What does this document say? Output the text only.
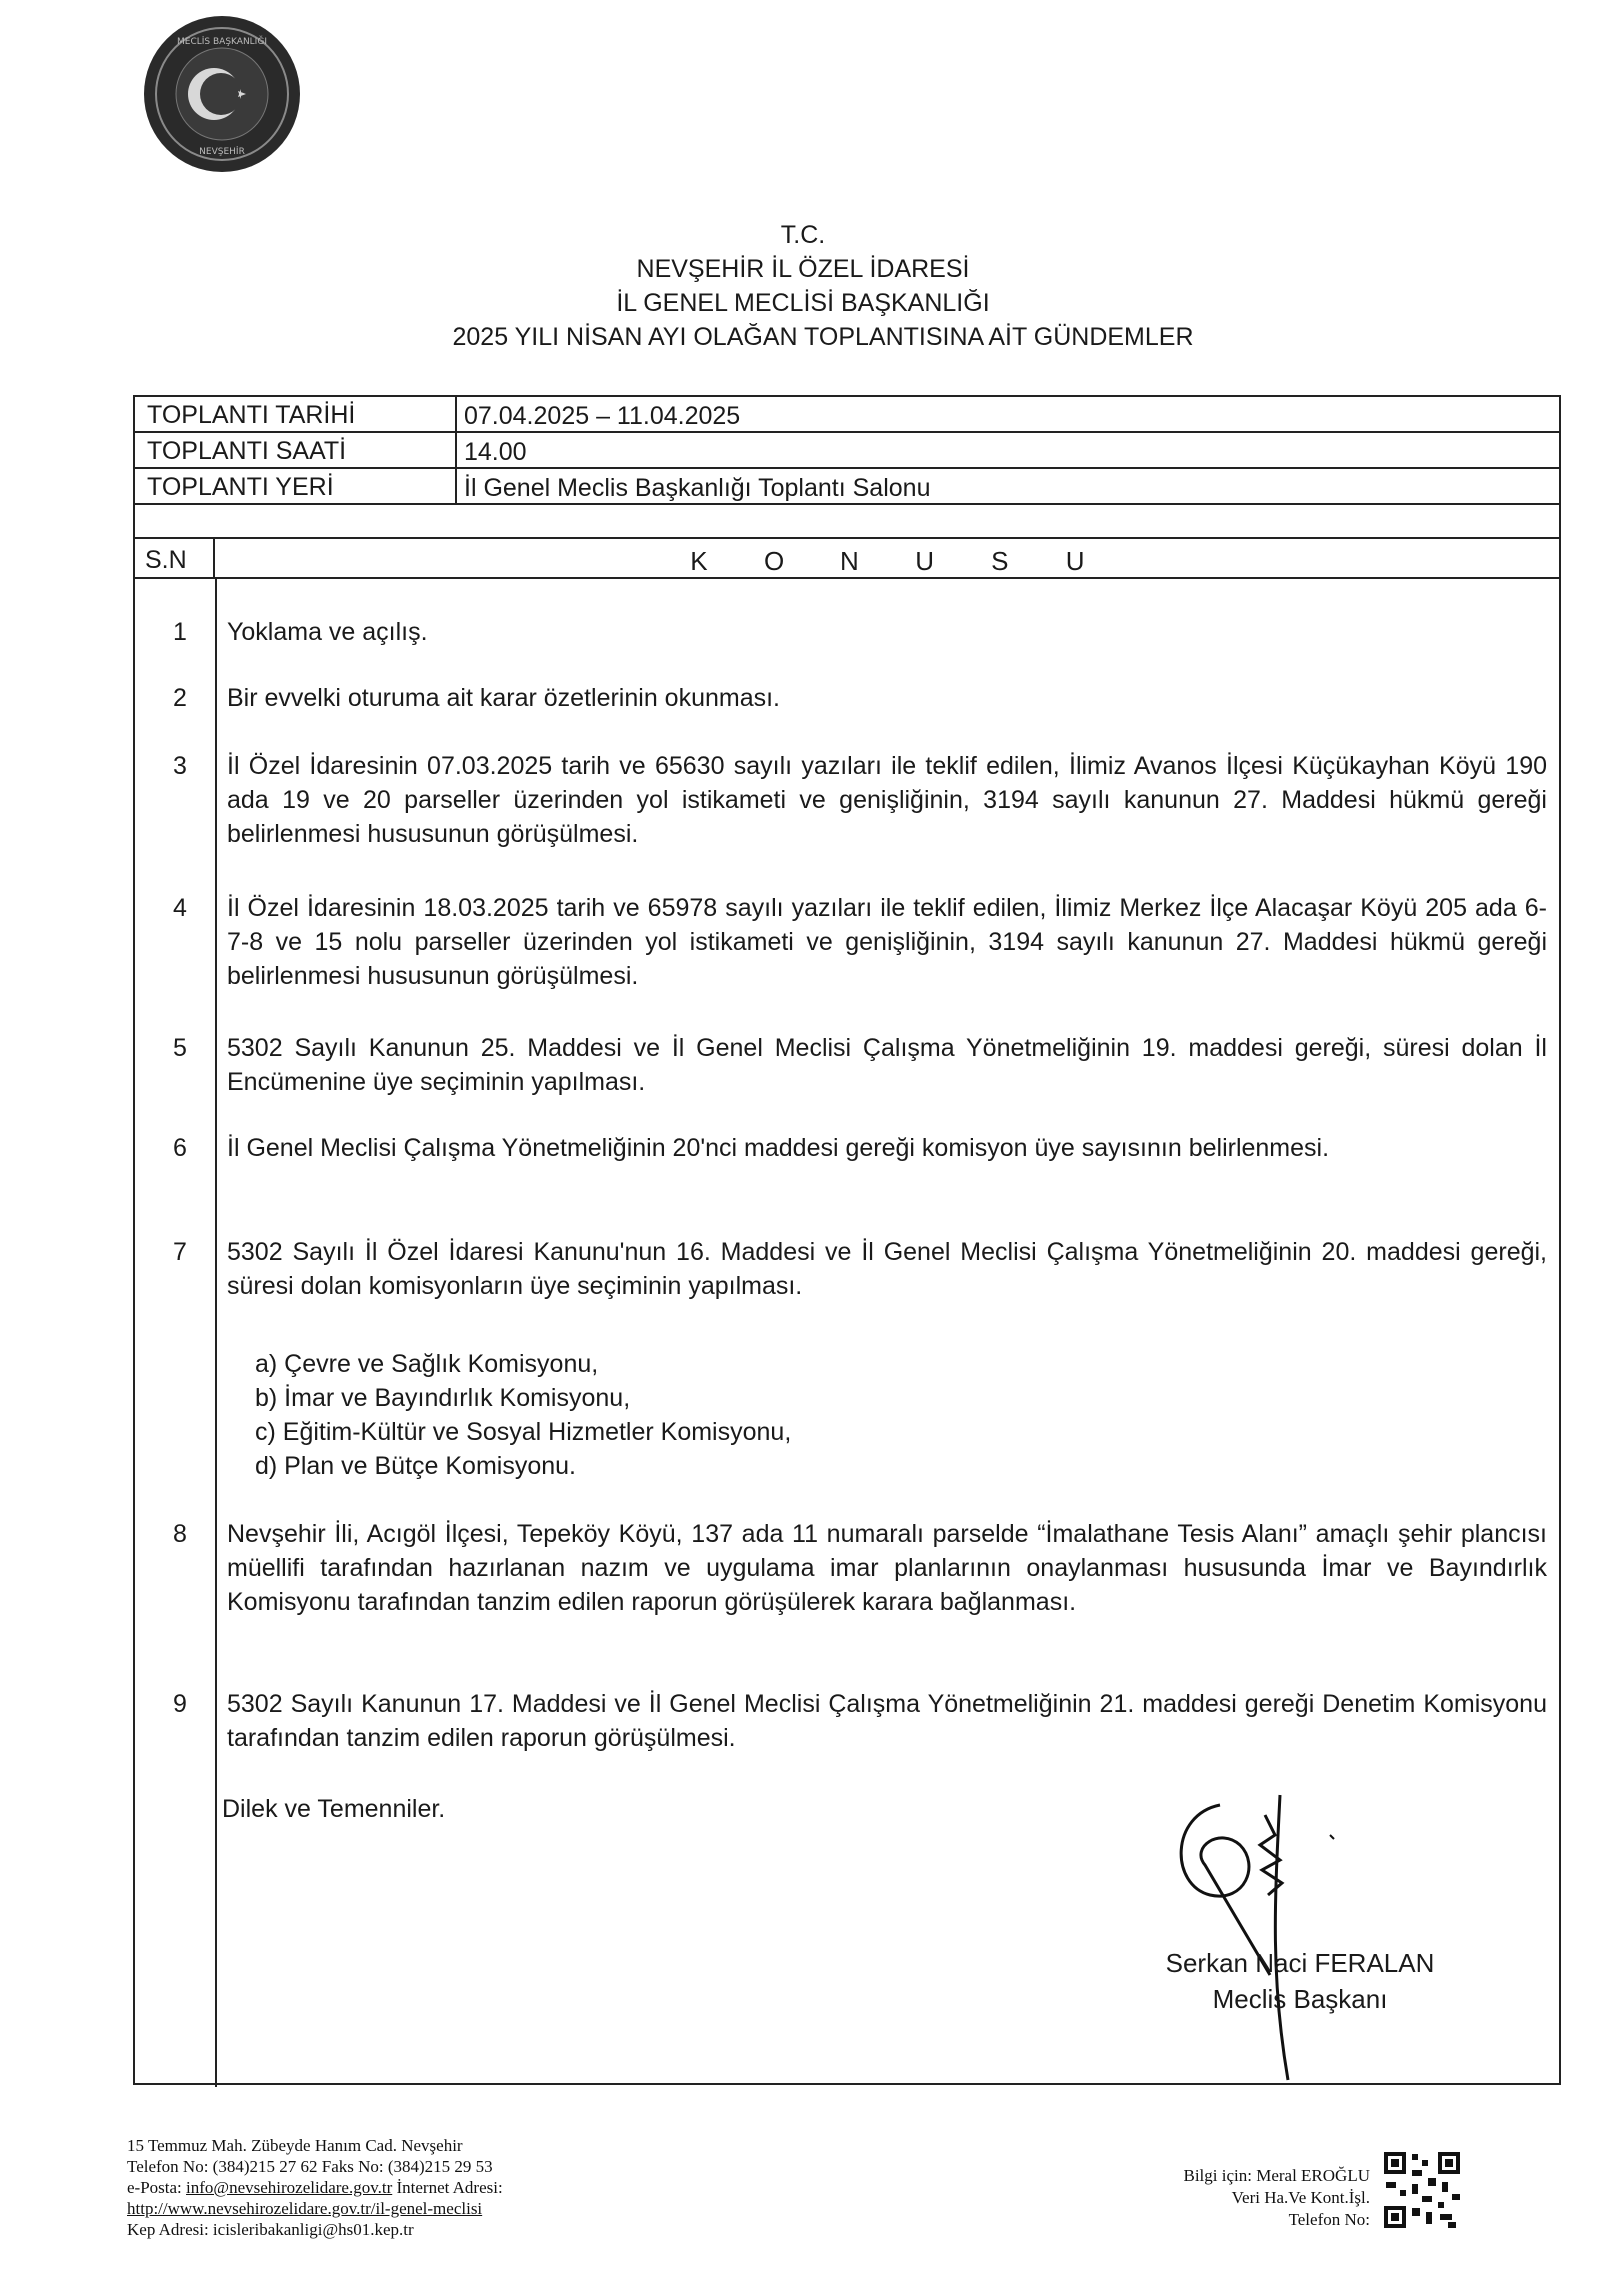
MECLİS BAŞKANLIĞI
NEVŞEHİR
T.C.
NEVŞEHİR İL ÖZEL İDARESİ
İL GENEL MECLİSİ BAŞKANLIĞI
2025 YILI NİSAN AYI OLAĞAN TOPLANTISINA AİT GÜNDEMLER
TOPLANTI TARİHİ	07.04.2025 – 11.04.2025
TOPLANTI SAATİ	14.00
TOPLANTI YERİ	İl Genel Meclis Başkanlığı Toplantı Salonu
S.N	K O N U S U
1	Yoklama ve açılış.
2	Bir evvelki oturuma ait karar özetlerinin okunması.
3	İl Özel İdaresinin 07.03.2025 tarih ve 65630 sayılı yazıları ile teklif edilen, İlimiz Avanos İlçesi Küçükayhan Köyü 190 ada 19 ve 20 parseller üzerinden yol istikameti ve genişliğinin, 3194 sayılı kanunun 27. Maddesi hükmü gereği belirlenmesi hususunun görüşülmesi.
4	İl Özel İdaresinin 18.03.2025 tarih ve 65978 sayılı yazıları ile teklif edilen, İlimiz Merkez İlçe Alacaşar Köyü 205 ada 6-7-8 ve 15 nolu parseller üzerinden yol istikameti ve genişliğinin, 3194 sayılı kanunun 27. Maddesi hükmü gereği belirlenmesi hususunun görüşülmesi.
5	5302 Sayılı Kanunun 25. Maddesi ve İl Genel Meclisi Çalışma Yönetmeliğinin 19. maddesi gereği, süresi dolan İl Encümenine üye seçiminin yapılması.
6	İl Genel Meclisi Çalışma Yönetmeliğinin 20'nci maddesi gereği komisyon üye sayısının belirlenmesi.
7	5302 Sayılı İl Özel İdaresi Kanunu'nun 16. Maddesi ve İl Genel Meclisi Çalışma Yönetmeliğinin 20. maddesi gereği, süresi dolan komisyonların üye seçiminin yapılması.
a) Çevre ve Sağlık Komisyonu,
b) İmar ve Bayındırlık Komisyonu,
c) Eğitim-Kültür ve Sosyal Hizmetler Komisyonu,
d) Plan ve Bütçe Komisyonu.
8	Nevşehir İli, Acıgöl İlçesi, Tepeköy Köyü, 137 ada 11 numaralı parselde “İmalathane Tesis Alanı” amaçlı şehir plancısı müellifi tarafından hazırlanan nazım ve uygulama imar planlarının onaylanması hususunda İmar ve Bayındırlık Komisyonu tarafından tanzim edilen raporun görüşülerek karara bağlanması.
9	5302 Sayılı Kanunun 17. Maddesi ve İl Genel Meclisi Çalışma Yönetmeliğinin 21. maddesi gereği Denetim Komisyonu tarafından tanzim edilen raporun görüşülmesi.
Dilek ve Temenniler.
Serkan Naci FERALAN
Meclis Başkanı
15 Temmuz Mah. Zübeyde Hanım Cad. Nevşehir
Telefon No: (384)215 27 62 Faks No: (384)215 29 53
e-Posta: info@nevsehirozelidare.gov.tr İnternet Adresi:
http://www.nevsehirozelidare.gov.tr/il-genel-meclisi
Kep Adresi: icisleribakanligi@hs01.kep.tr
Bilgi için: Meral EROĞLU
Veri Ha.Ve Kont.İşl.
Telefon No:
